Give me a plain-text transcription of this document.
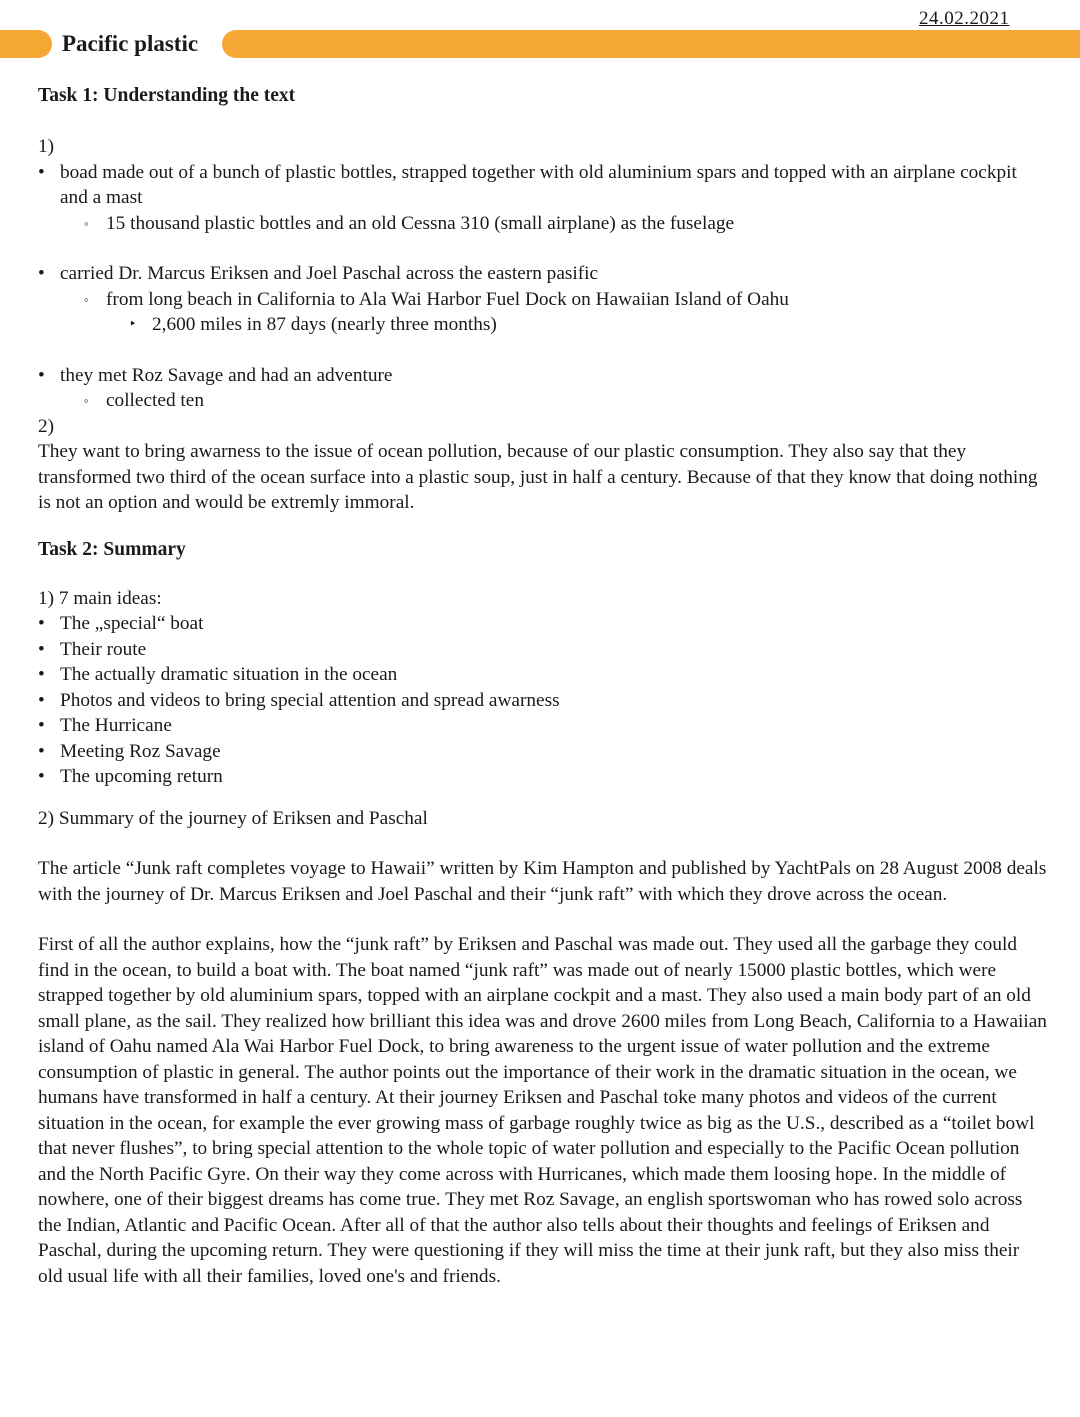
24.02.2021
Pacific plastic
Task 1: Understanding the text

1)

• boad made out of a bunch of plastic bottles, strapped together with old aluminium spars and topped with an airplane cockpit and a mast
◦ 15 thousand plastic bottles and an old Cessna 310 (small airplane) as the fuselage
• carried Dr. Marcus Eriksen and Joel Paschal across the eastern pasific
◦ from long beach in California to Ala Wai Harbor Fuel Dock on Hawaiian Island of Oahu
‣ 2,600 miles in 87 days (nearly three months)
• they met Roz Savage and had an adventure
◦ collected ten

2)

They want to bring awarness to the issue of ocean pollution, because of our plastic consumption. They also say that they transformed two third of the ocean surface into a plastic soup, just in half a century. Because of that they know that doing nothing is not an option and would be extremly immoral.

Task 2: Summary

1) 7 main ideas:

• The „special“ boat
• Their route
• The actually dramatic situation in the ocean
• Photos and videos to bring special attention and spread awarness
• The Hurricane
• Meeting Roz Savage
• The upcoming return

2) Summary of the journey of Eriksen and Paschal

The article “Junk raft completes voyage to Hawaii” written by Kim Hampton and published by YachtPals on 28 August 2008 deals with the journey of Dr. Marcus Eriksen and Joel Paschal and their “junk raft” with which they drove across the ocean.

First of all the author explains, how the “junk raft” by Eriksen and Paschal was made out. They used all the garbage they could find in the ocean, to build a boat with. The boat named “junk raft” was made out of nearly 15000 plastic bottles, which were strapped together by old aluminium spars, topped with an airplane cockpit and a mast. They also used a main body part of an old small plane, as the sail. They realized how brilliant this idea was and drove 2600 miles from Long Beach, California to a Hawaiian island of Oahu named Ala Wai Harbor Fuel Dock, to bring awareness to the urgent issue of water pollution and the extreme consumption of plastic in general. The author points out the importance of their work in the dramatic situation in the ocean, we humans have transformed in half a century. At their journey Eriksen and Paschal toke many photos and videos of the current situation in the ocean, for example the ever growing mass of garbage roughly twice as big as the U.S., described as a “toilet bowl that never flushes”, to bring special attention to the whole topic of water pollution and especially to the Pacific Ocean pollution and the North Pacific Gyre. On their way they come across with Hurricanes, which made them loosing hope. In the middle of nowhere, one of their biggest dreams has come true. They met Roz Savage, an english sportswoman who has rowed solo across the Indian, Atlantic and Pacific Ocean. After all of that the author also tells about their thoughts and feelings of Eriksen and Paschal, during the upcoming return. They were questioning if they will miss the time at their junk raft, but they also miss their old usual life with all their families, loved one's and friends.
